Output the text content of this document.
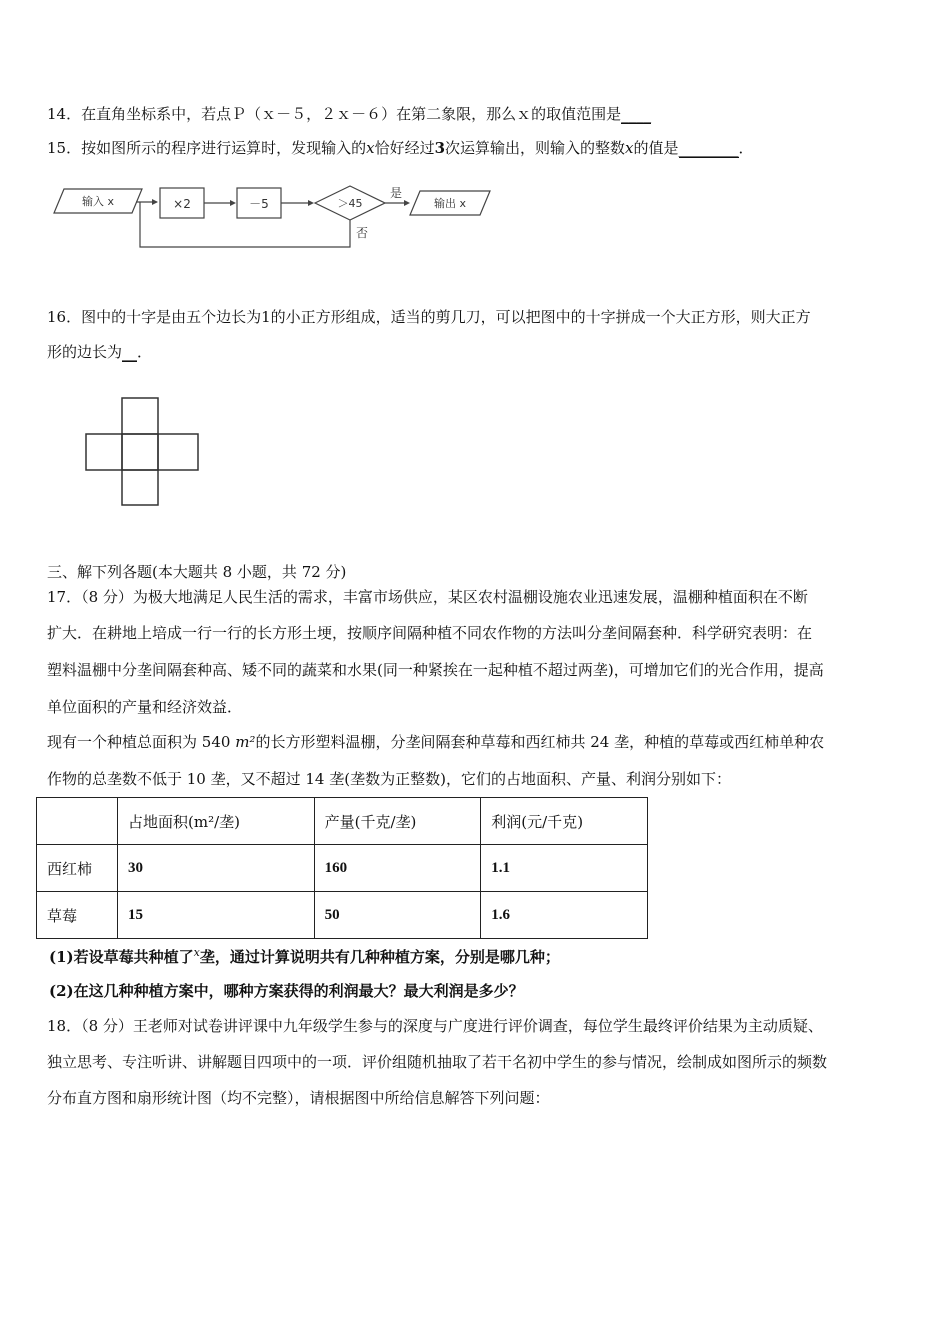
14．在直角坐标系中，若点Ｐ（ｘ－５，２ｘ－６）在第二象限，那么ｘ的取值范围是____
15．按如图所示的程序进行运算时，发现输入的x恰好经过3次运算输出，则输入的整数x的值是________．
输入 x	×2	－5	＞45
是
否
输出 x
16．图中的十字是由五个边长为1的小正方形组成，适当的剪几刀，可以把图中的十字拼成一个大正方形，则大正方
形的边长为__．
三、解下列各题(本大题共 8 小题，共 72 分)
17．（8 分）为极大地满足人民生活的需求，丰富市场供应，某区农村温棚设施农业迅速发展，温棚种植面积在不断
扩大．在耕地上培成一行一行的长方形土埂，按顺序间隔种植不同农作物的方法叫分垄间隔套种．科学研究表明：在
塑料温棚中分垄间隔套种高、矮不同的蔬菜和水果(同一种紧挨在一起种植不超过两垄)，可增加它们的光合作用，提高
单位面积的产量和经济效益．
现有一个种植总面积为 540 m²的长方形塑料温棚，分垄间隔套种草莓和西红柿共 24 垄，种植的草莓或西红柿单种农
作物的总垄数不低于 10 垄，又不超过 14 垄(垄数为正整数)，它们的占地面积、产量、利润分别如下：
	占地面积(m²/垄)	产量(千克/垄)	利润(元/千克)
西红柿	30	160	1.1
草莓	15	50	1.6
(1)若设草莓共种植了$^x$垄，通过计算说明共有几种种植方案，分别是哪几种；
(2)在这几种种植方案中，哪种方案获得的利润最大？最大利润是多少？
18．（8 分）王老师对试卷讲评课中九年级学生参与的深度与广度进行评价调查，每位学生最终评价结果为主动质疑、
独立思考、专注听讲、讲解题目四项中的一项．评价组随机抽取了若干名初中学生的参与情况，绘制成如图所示的频数
分布直方图和扇形统计图（均不完整），请根据图中所给信息解答下列问题：
